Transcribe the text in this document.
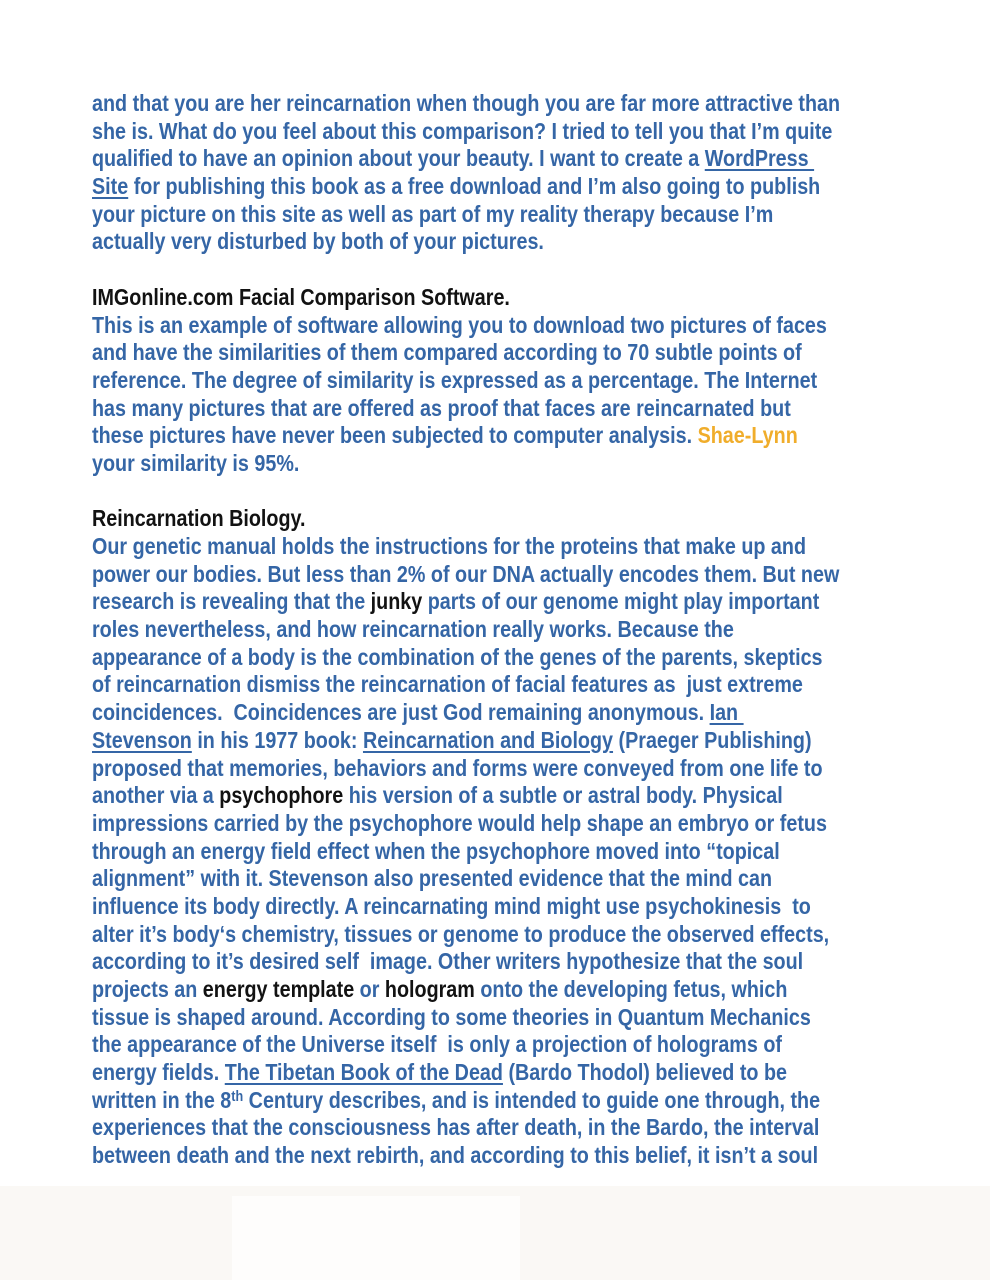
and that you are her reincarnation when though you are far more attractive than
she is. What do you feel about this comparison? I tried to tell you that I’m quite
qualified to have an opinion about your beauty. I want to create a WordPress
Site for publishing this book as a free download and I’m also going to publish
your picture on this site as well as part of my reality therapy because I’m
actually very disturbed by both of your pictures.

IMGonline.com Facial Comparison Software.
This is an example of software allowing you to download two pictures of faces
and have the similarities of them compared according to 70 subtle points of
reference. The degree of similarity is expressed as a percentage. The Internet
has many pictures that are offered as proof that faces are reincarnated but
these pictures have never been subjected to computer analysis. Shae-Lynn
your similarity is 95%.

Reincarnation Biology.
Our genetic manual holds the instructions for the proteins that make up and
power our bodies. But less than 2% of our DNA actually encodes them. But new
research is revealing that the junky parts of our genome might play important
roles nevertheless, and how reincarnation really works. Because the
appearance of a body is the combination of the genes of the parents, skeptics
of reincarnation dismiss the reincarnation of facial features as  just extreme
coincidences.  Coincidences are just God remaining anonymous. Ian
Stevenson in his 1977 book: Reincarnation and Biology (Praeger Publishing)
proposed that memories, behaviors and forms were conveyed from one life to
another via a psychophore his version of a subtle or astral body. Physical
impressions carried by the psychophore would help shape an embryo or fetus
through an energy field effect when the psychophore moved into “topical
alignment” with it. Stevenson also presented evidence that the mind can
influence its body directly. A reincarnating mind might use psychokinesis  to
alter it’s body‘s chemistry, tissues or genome to produce the observed effects,
according to it’s desired self  image. Other writers hypothesize that the soul
projects an energy template or hologram onto the developing fetus, which
tissue is shaped around. According to some theories in Quantum Mechanics
the appearance of the Universe itself  is only a projection of holograms of
energy fields. The Tibetan Book of the Dead (Bardo Thodol) believed to be
written in the 8th Century describes, and is intended to guide one through, the
experiences that the consciousness has after death, in the Bardo, the interval
between death and the next rebirth, and according to this belief, it isn’t a soul
